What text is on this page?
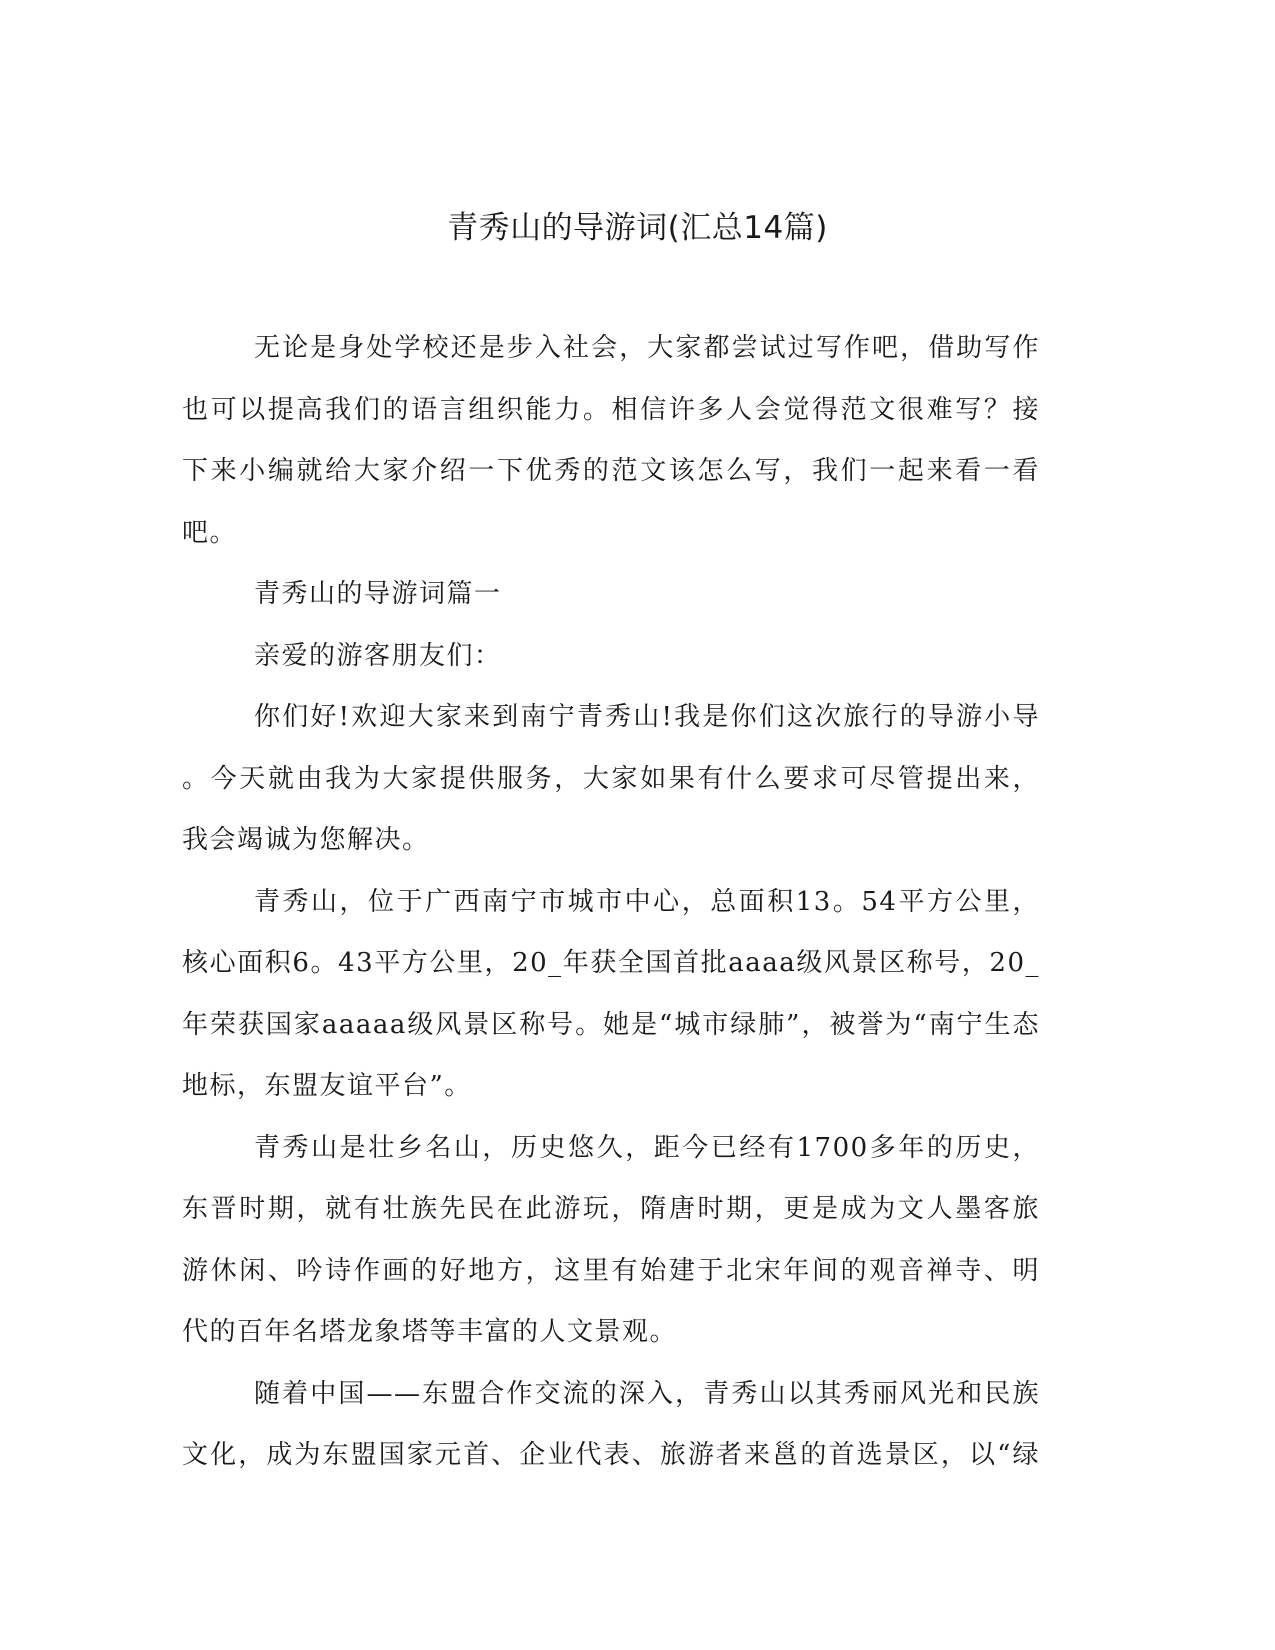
青秀山的导游词(汇总14篇)
无论是身处学校还是步入社会，大家都尝试过写作吧，借助写作
也可以提高我们的语言组织能力。相信许多人会觉得范文很难写？接
下来小编就给大家介绍一下优秀的范文该怎么写，我们一起来看一看
吧。
青秀山的导游词篇一
亲爱的游客朋友们：
你们好!欢迎大家来到南宁青秀山!我是你们这次旅行的导游小导
。今天就由我为大家提供服务，大家如果有什么要求可尽管提出来，
我会竭诚为您解决。
青秀山，位于广西南宁市城市中心，总面积13。54平方公里，
核心面积6。43平方公里，20_年获全国首批aaaa级风景区称号，20_
年荣获国家aaaaa级风景区称号。她是“城市绿肺”，被誉为“南宁生态
地标，东盟友谊平台”。
青秀山是壮乡名山，历史悠久，距今已经有1700多年的历史，
东晋时期，就有壮族先民在此游玩，隋唐时期，更是成为文人墨客旅
游休闲、吟诗作画的好地方，这里有始建于北宋年间的观音禅寺、明
代的百年名塔龙象塔等丰富的人文景观。
随着中国——东盟合作交流的深入，青秀山以其秀丽风光和民族
文化，成为东盟国家元首、企业代表、旅游者来邕的首选景区，以“绿
